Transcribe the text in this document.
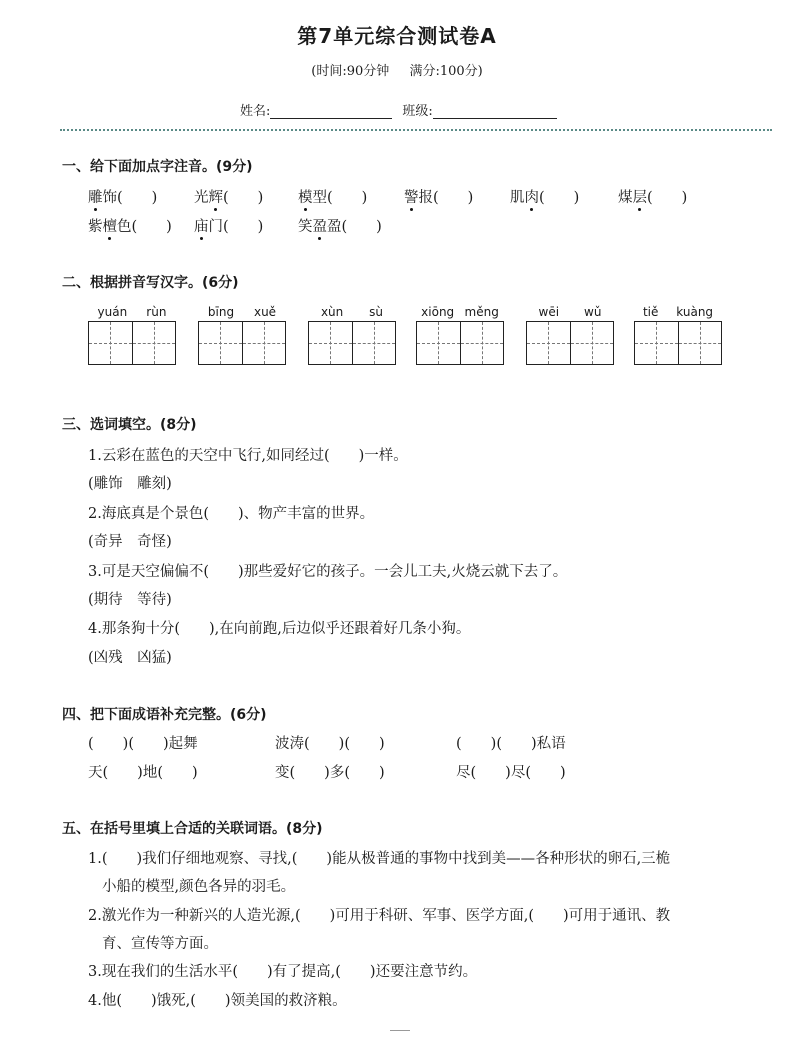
第7单元综合测试卷A
(时间:90分钟 满分:100分)
姓名:	班级:
一、给下面加点字注音。(9分)
雕饰(　　)	光辉(　　) 模型(　　)	警报(　　)	肌肉(　　)	煤层(　　)
紫檀色(　　) 庙门(　　) 笑盈盈(　　)
二、根据拼音写汉字。(6分)
yuán rùn	bīng xuě	xùn sù	xiōng měng	wēi wǔ	tiě kuàng
三、选词填空。(8分)
1.云彩在蓝色的天空中飞行,如同经过(　　)一样。
(雕饰　雕刻)
2.海底真是个景色(　　)、物产丰富的世界。
(奇异　奇怪)
3.可是天空偏偏不(　　)那些爱好它的孩子。一会儿工夫,火烧云就下去了。
(期待　等待)
4.那条狗十分(　　),在向前跑,后边似乎还跟着好几条小狗。
(凶残　凶猛)
四、把下面成语补充完整。(6分)
(　　)(　　)起舞	波涛(　　)(　　)	(　　)(　　)私语
天(　　)地(　　)	变(　　)多(　　)	尽(　　)尽(　　)
五、在括号里填上合适的关联词语。(8分)
1.(　　)我们仔细地观察、寻找,(　　)能从极普通的事物中找到美——各种形状的卵石,三桅
小船的模型,颜色各异的羽毛。
2.激光作为一种新兴的人造光源,(　　)可用于科研、军事、医学方面,(　　)可用于通讯、教
育、宣传等方面。
3.现在我们的生活水平(　　)有了提高,(　　)还要注意节约。
4.他(　　)饿死,(　　)领美国的救济粮。
